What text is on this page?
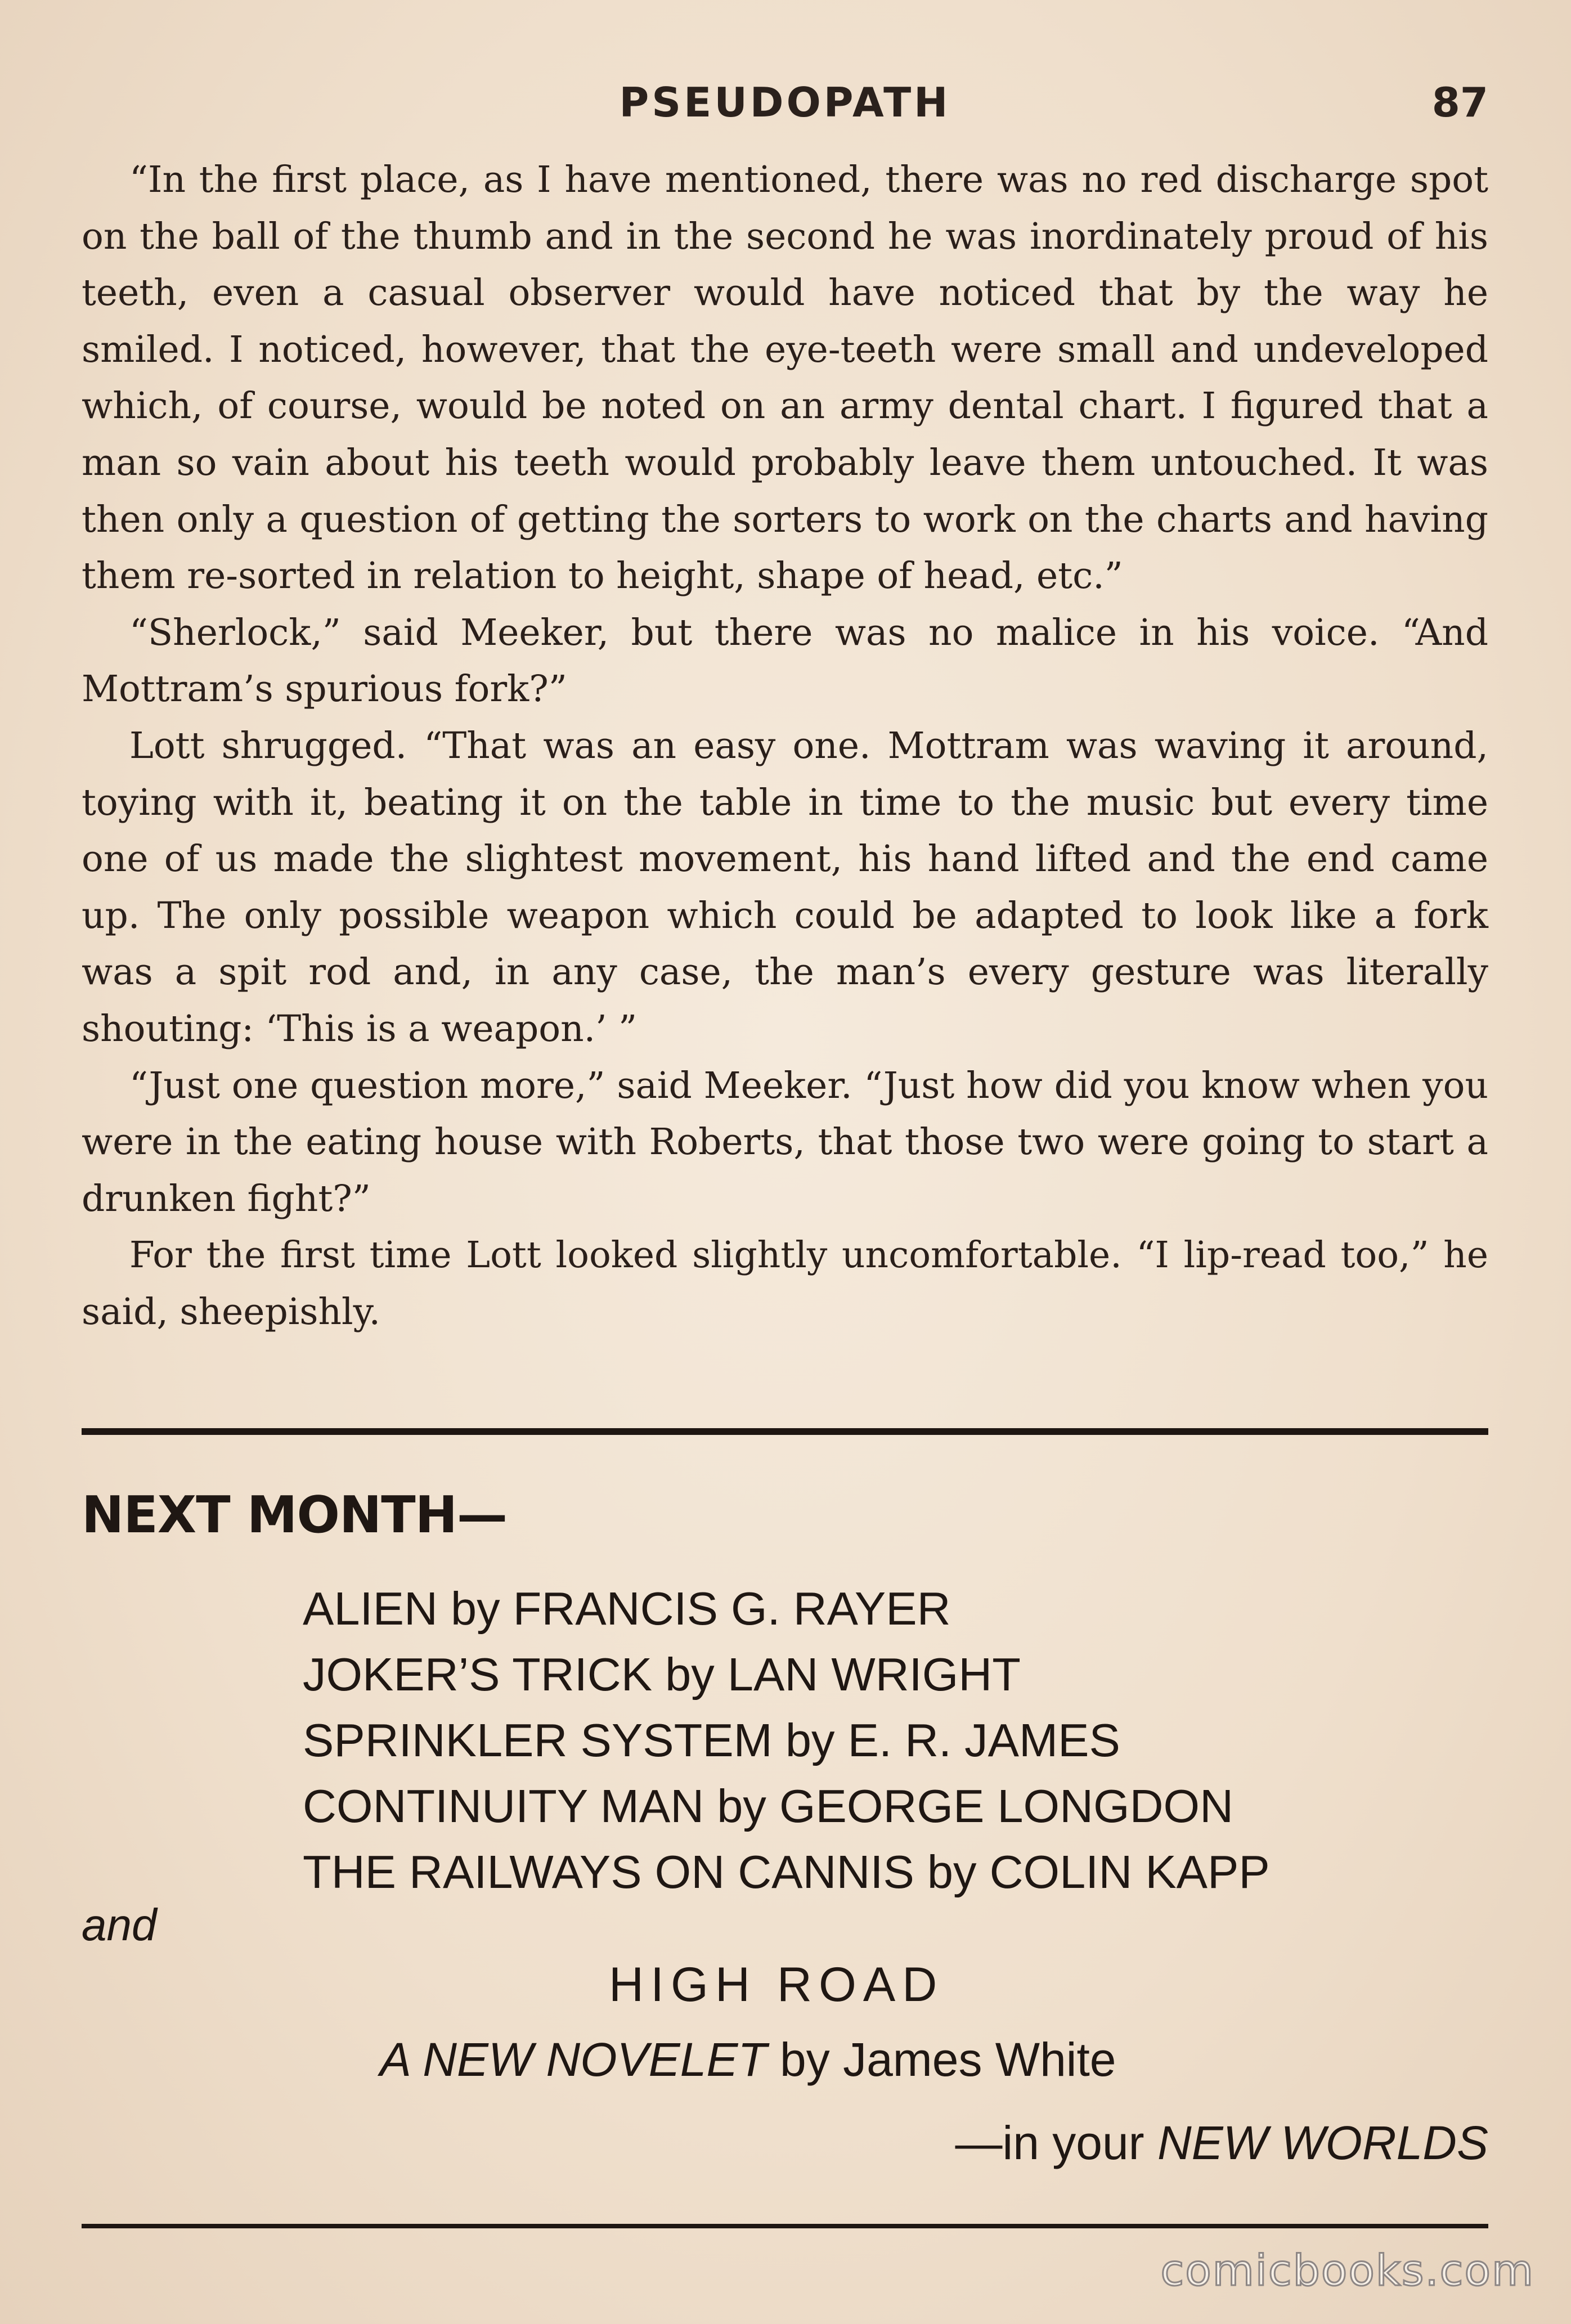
PSEUDOPATH	87

“In the first place, as I have mentioned, there was no red discharge spot on the ball of the thumb and in the second he was inordinately proud of his teeth, even a casual observer would have noticed that by the way he smiled. I noticed, however, that the eye-teeth were small and undeveloped which, of course, would be noted on an army dental chart. I figured that a man so vain about his teeth would probably leave them untouched. It was then only a question of getting the sorters to work on the charts and having them re-sorted in relation to height, shape of head, etc.”

“Sherlock,” said Meeker, but there was no malice in his voice. “And Mottram’s spurious fork?”

Lott shrugged. “That was an easy one. Mottram was waving it around, toying with it, beating it on the table in time to the music but every time one of us made the slightest movement, his hand lifted and the end came up. The only possible weapon which could be adapted to look like a fork was a spit rod and, in any case, the man’s every gesture was literally shouting: ‘This is a weapon.’ ”

“Just one question more,” said Meeker. “Just how did you know when you were in the eating house with Roberts, that those two were going to start a drunken fight?”

For the first time Lott looked slightly uncomfortable. “I lip-read too,” he said, sheepishly.

NEXT MONTH—
ALIEN by FRANCIS G. RAYER
JOKER’S TRICK by LAN WRIGHT
SPRINKLER SYSTEM by E. R. JAMES
CONTINUITY MAN by GEORGE LONGDON
THE RAILWAYS ON CANNIS by COLIN KAPP
and
HIGH ROAD
A NEW NOVELET by James White
—in your NEW WORLDS
comicbooks.com
